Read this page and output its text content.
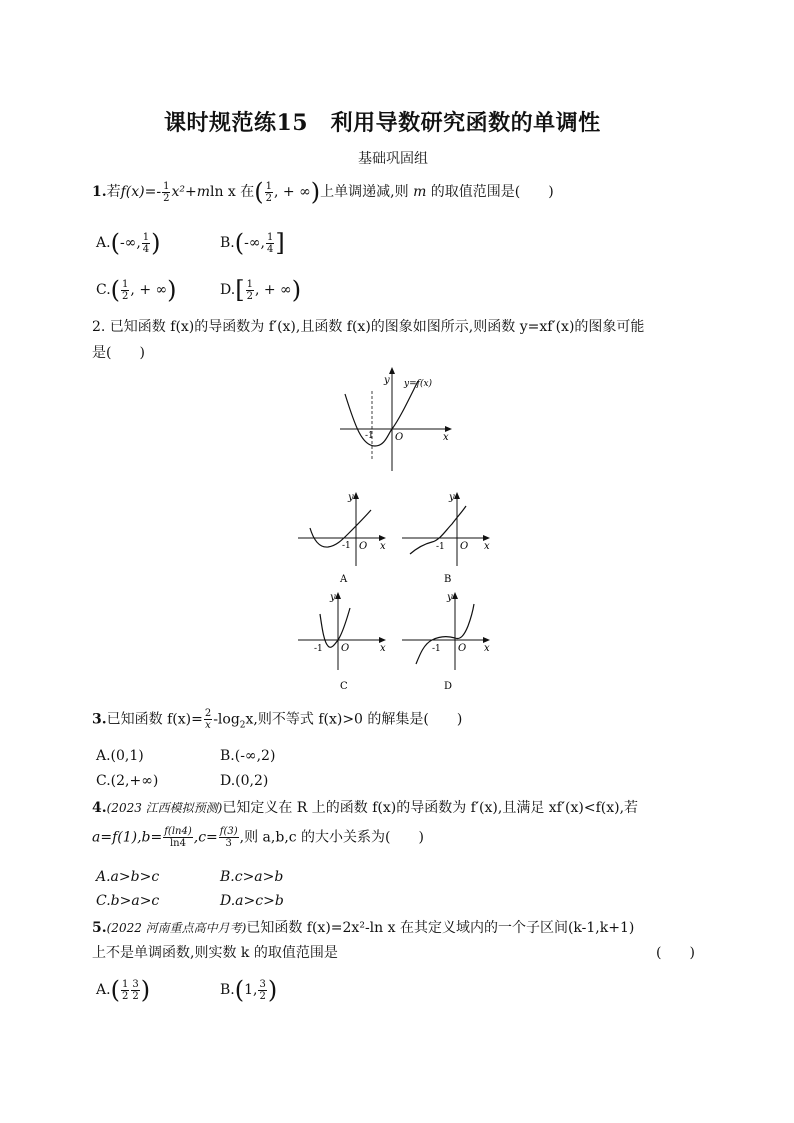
课时规范练15　利用导数研究函数的单调性
基础巩固组
1.若$f(x)=- \frac{1}{2} x^2+mln$ x 在( $\frac{1}{2}$ , + ∞)上单调递减,则 m 的取值范围是(　　)
A.(-∞, $\frac{1}{4}$ )	B.(-∞, $\frac{1}{4}$ ]
$C.( \frac{1}{2}$ , + ∞)	$D.[ \frac{1}{2}$ , + ∞)
2. 已知函数 f(x)的导函数为 f′(x),且函数 f(x)的图象如图所示,则函数 y=xf′(x)的图象可能
是(　　)
y
x
O
-1
y=f(x)
y
x
O
-1
A
y
x
O
-1
B
y
x
O
-1
C
y
x
O
-1
D
3.已知函数 $f(x)= \frac{2}{x} -\log_2x$,则不等式 f(x)>0 的解集是(　　)
A.(0,1)	B.(-∞,2)
C.(2,+∞)	D.(0,2)
4.(2023 江西模拟预测)已知定义在 R 上的函数 f(x)的导函数为 f′(x),且满足 xf′(x)<f(x),若
$a=f(1),b= \frac{f(\ln 4)}{\ln 4} ,c= \frac{f(3)}{3}$ ,则 a,b,c 的大小关系为(　　)
A.a>b>c	B.c>a>b
C.b>a>c	D.a>c>b
5.(2022 河南重点高中月考)已知函数 f(x)=2x²-ln x 在其定义域内的一个子区间(k-1,k+1)
上不是单调函数,则实数 k 的取值范围是	(　　)
$A.( \frac{1}{2} \frac{3}{2}$ )	B.(1, $\frac{3}{2}$ )
